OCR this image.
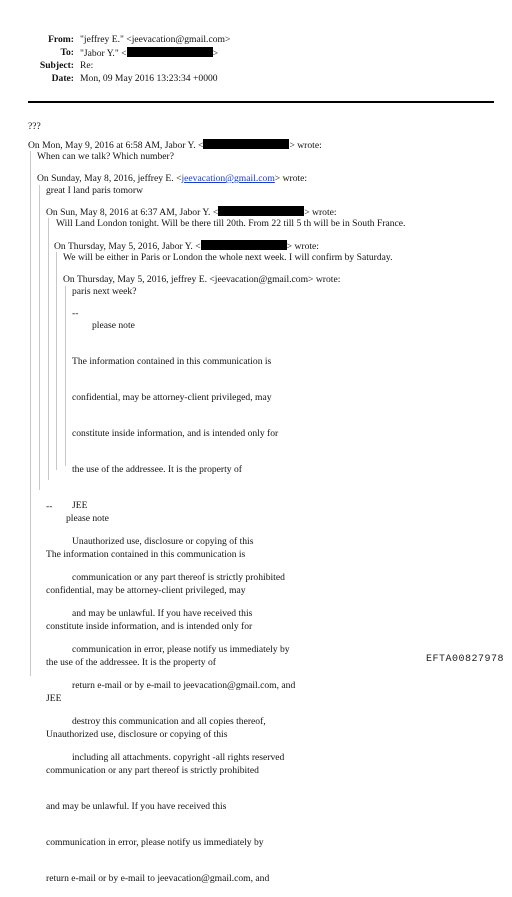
From: "jeffrey E." <jeevacation@gmail.com>
To: "Jabor Y." <	>
Subject: Re:
Date: Mon, 09 May 2016 13:23:34 +0000
???
On Mon, May 9, 2016 at 6:58 AM, Jabor Y. <	> wrote:
When can we talk? Which number?
On Sunday, May 8, 2016, jeffrey E. <jeevacation@gmail.com> wrote:
great I land paris tomorw
On Sun, May 8, 2016 at 6:37 AM, Jabor Y. <	> wrote:
Will Land London tonight. Will be there till 20th. From 22 till 5 th will be in South France.
On Thursday, May 5, 2016, Jabor Y. <	> wrote:
We will be either in Paris or London the whole next week. I will confirm by Saturday.
On Thursday, May 5, 2016, jeffrey E. <jeevacation@gmail.com> wrote:
paris next week?
--
please note

The information contained in this communication is

confidential, may be attorney-client privileged, may

constitute inside information, and is intended only for

the use of the addressee. It is the property of

JEE

Unauthorized use, disclosure or copying of this

communication or any part thereof is strictly prohibited

and may be unlawful. If you have received this

communication in error, please notify us immediately by

return e-mail or by e-mail to jeevacation@gmail.com, and

destroy this communication and all copies thereof,

including all attachments. copyright -all rights reserved

--
please note

The information contained in this communication is

confidential, may be attorney-client privileged, may

constitute inside information, and is intended only for

the use of the addressee. It is the property of

JEE

Unauthorized use, disclosure or copying of this

communication or any part thereof is strictly prohibited

and may be unlawful. If you have received this

communication in error, please notify us immediately by

return e-mail or by e-mail to jeevacation@gmail.com, and

EFTA00827978
